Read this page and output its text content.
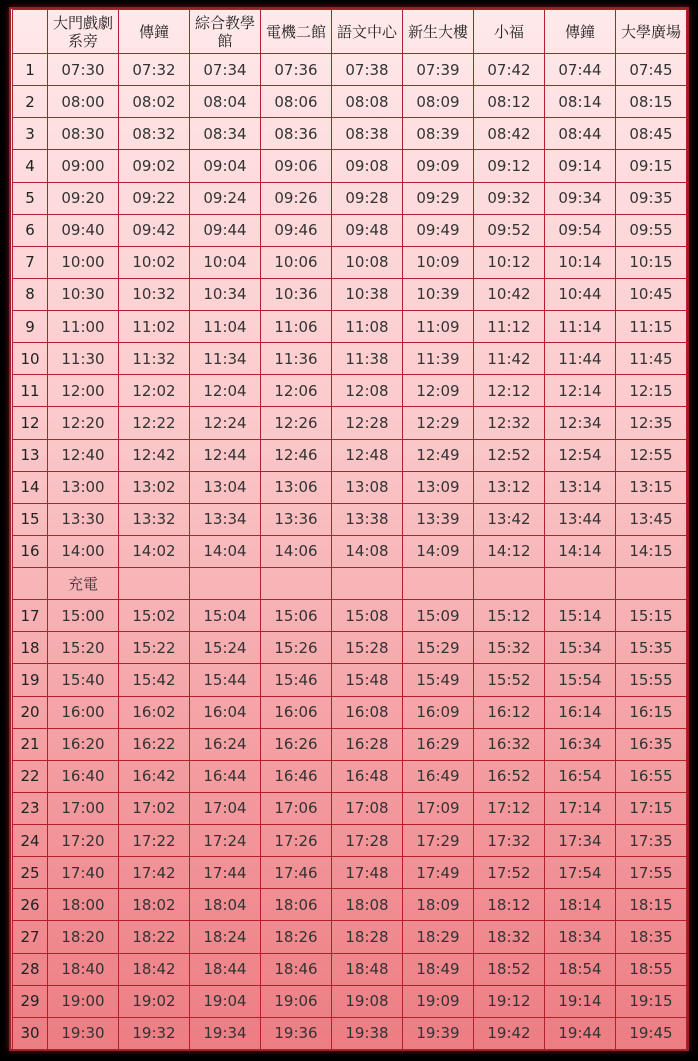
	大門戲劇系旁	傳鐘	綜合教學館	電機二館	語文中心	新生大樓	小福	傳鐘	大學廣場
1	07:30	07:32	07:34	07:36	07:38	07:39	07:42	07:44	07:45
2	08:00	08:02	08:04	08:06	08:08	08:09	08:12	08:14	08:15
3	08:30	08:32	08:34	08:36	08:38	08:39	08:42	08:44	08:45
4	09:00	09:02	09:04	09:06	09:08	09:09	09:12	09:14	09:15
5	09:20	09:22	09:24	09:26	09:28	09:29	09:32	09:34	09:35
6	09:40	09:42	09:44	09:46	09:48	09:49	09:52	09:54	09:55
7	10:00	10:02	10:04	10:06	10:08	10:09	10:12	10:14	10:15
8	10:30	10:32	10:34	10:36	10:38	10:39	10:42	10:44	10:45
9	11:00	11:02	11:04	11:06	11:08	11:09	11:12	11:14	11:15
10	11:30	11:32	11:34	11:36	11:38	11:39	11:42	11:44	11:45
11	12:00	12:02	12:04	12:06	12:08	12:09	12:12	12:14	12:15
12	12:20	12:22	12:24	12:26	12:28	12:29	12:32	12:34	12:35
13	12:40	12:42	12:44	12:46	12:48	12:49	12:52	12:54	12:55
14	13:00	13:02	13:04	13:06	13:08	13:09	13:12	13:14	13:15
15	13:30	13:32	13:34	13:36	13:38	13:39	13:42	13:44	13:45
16	14:00	14:02	14:04	14:06	14:08	14:09	14:12	14:14	14:15
	充電								
17	15:00	15:02	15:04	15:06	15:08	15:09	15:12	15:14	15:15
18	15:20	15:22	15:24	15:26	15:28	15:29	15:32	15:34	15:35
19	15:40	15:42	15:44	15:46	15:48	15:49	15:52	15:54	15:55
20	16:00	16:02	16:04	16:06	16:08	16:09	16:12	16:14	16:15
21	16:20	16:22	16:24	16:26	16:28	16:29	16:32	16:34	16:35
22	16:40	16:42	16:44	16:46	16:48	16:49	16:52	16:54	16:55
23	17:00	17:02	17:04	17:06	17:08	17:09	17:12	17:14	17:15
24	17:20	17:22	17:24	17:26	17:28	17:29	17:32	17:34	17:35
25	17:40	17:42	17:44	17:46	17:48	17:49	17:52	17:54	17:55
26	18:00	18:02	18:04	18:06	18:08	18:09	18:12	18:14	18:15
27	18:20	18:22	18:24	18:26	18:28	18:29	18:32	18:34	18:35
28	18:40	18:42	18:44	18:46	18:48	18:49	18:52	18:54	18:55
29	19:00	19:02	19:04	19:06	19:08	19:09	19:12	19:14	19:15
30	19:30	19:32	19:34	19:36	19:38	19:39	19:42	19:44	19:45
